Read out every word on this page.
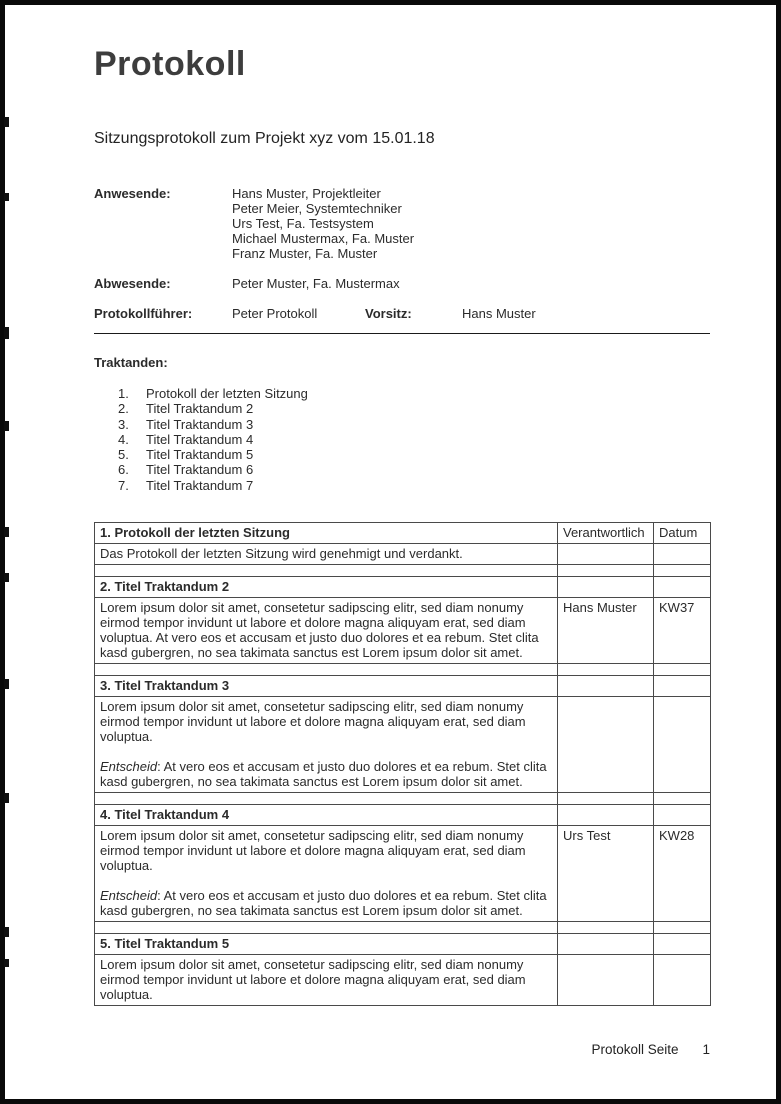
Protokoll

Sitzungsprotokoll zum Projekt xyz vom 15.01.18

Anwesende:	Hans Muster, Projektleiter
Peter Meier, Systemtechniker
Urs Test, Fa. Testsystem
Michael Mustermax, Fa. Muster
Franz Muster, Fa. Muster
Abwesende:	Peter Muster, Fa. Mustermax
Protokollführer:	Peter Protokoll	Vorsitz:	Hans Muster
Traktanden:
1.	Protokoll der letzten Sitzung
2.	Titel Traktandum 2
3.	Titel Traktandum 3
4.	Titel Traktandum 4
5.	Titel Traktandum 5
6.	Titel Traktandum 6
7.	Titel Traktandum 7
1. Protokoll der letzten Sitzung	Verantwortlich	Datum
Das Protokoll der letzten Sitzung wird genehmigt und verdankt.		

2. Titel Traktandum 2		
Lorem ipsum dolor sit amet, consetetur sadipscing elitr, sed diam nonumy eirmod tempor invidunt ut labore et dolore magna aliquyam erat, sed diam voluptua. At vero eos et accusam et justo duo dolores et ea rebum. Stet clita kasd gubergren, no sea takimata sanctus est Lorem ipsum dolor sit amet.	Hans Muster	KW37

3. Titel Traktandum 3		

Lorem ipsum dolor sit amet, consetetur sadipscing elitr, sed diam nonumy eirmod tempor invidunt ut labore et dolore magna aliquyam erat, sed diam voluptua.

Entscheid: At vero eos et accusam et justo duo dolores et ea rebum. Stet clita kasd gubergren, no sea takimata sanctus est Lorem ipsum dolor sit amet.		

4. Titel Traktandum 4		

Lorem ipsum dolor sit amet, consetetur sadipscing elitr, sed diam nonumy eirmod tempor invidunt ut labore et dolore magna aliquyam erat, sed diam voluptua.

Entscheid: At vero eos et accusam et justo duo dolores et ea rebum. Stet clita kasd gubergren, no sea takimata sanctus est Lorem ipsum dolor sit amet.	Urs Test	KW28

5. Titel Traktandum 5		
Lorem ipsum dolor sit amet, consetetur sadipscing elitr, sed diam nonumy eirmod tempor invidunt ut labore et dolore magna aliquyam erat, sed diam voluptua.		
Protokoll Seite 1
